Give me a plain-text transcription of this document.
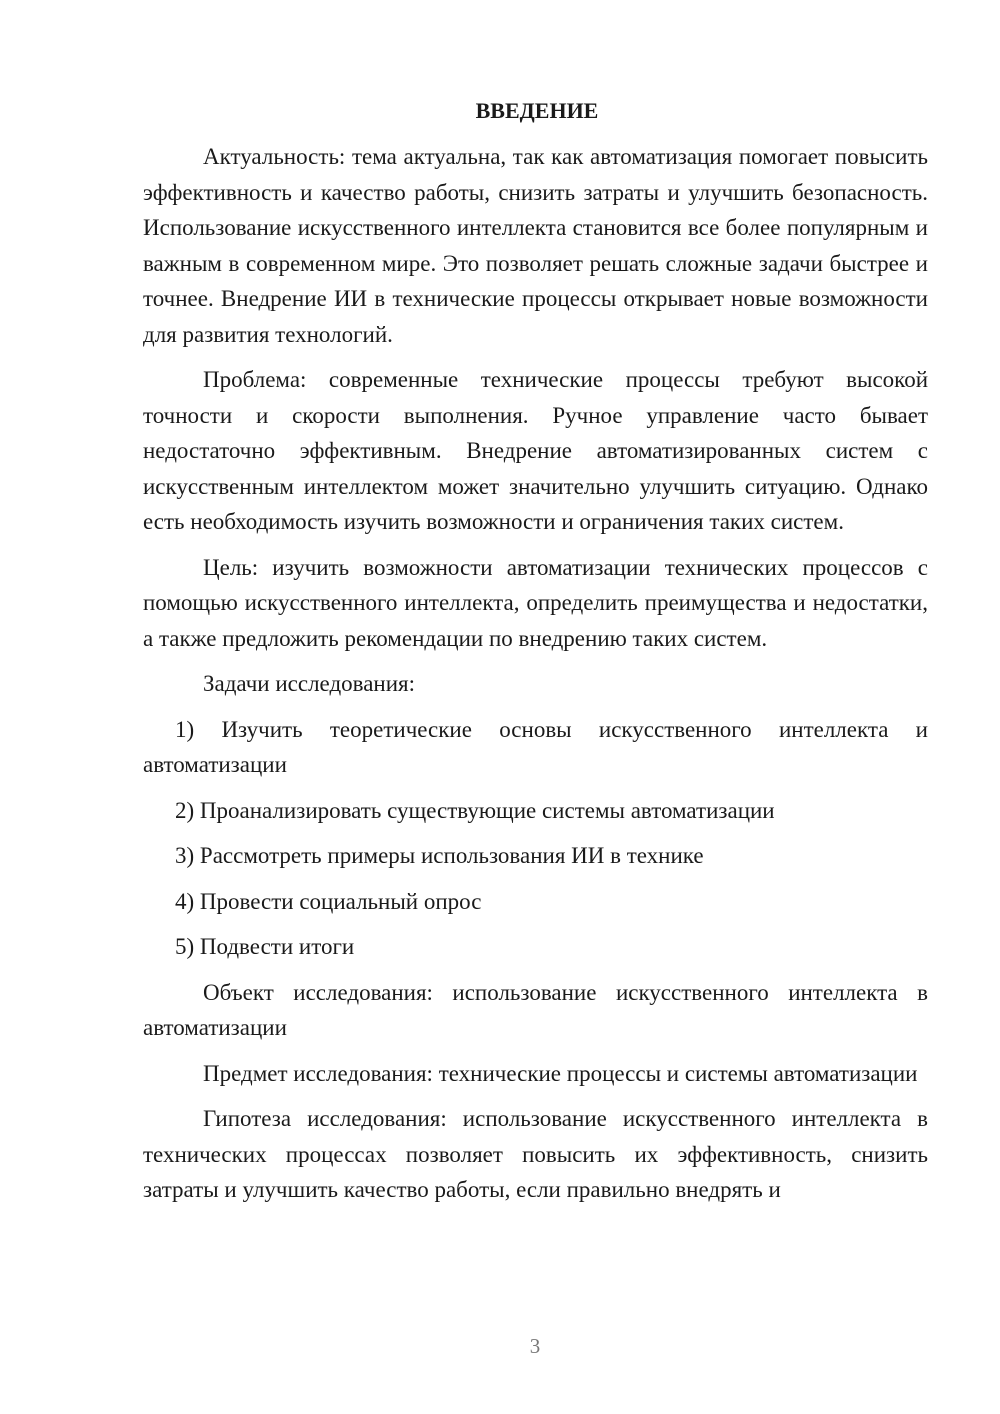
ВВЕДЕНИЕ

Актуальность: тема актуальна, так как автоматизация помогает повысить эффективность и качество работы, снизить затраты и улучшить безопасность. Использование искусственного интеллекта становится все более популярным и важным в современном мире. Это позволяет решать сложные задачи быстрее и точнее. Внедрение ИИ в технические процессы открывает новые возможности для развития технологий.

Проблема: современные технические процессы требуют высокой точности и скорости выполнения. Ручное управление часто бывает недостаточно эффективным. Внедрение автоматизированных систем с искусственным интеллектом может значительно улучшить ситуацию. Однако есть необходимость изучить возможности и ограничения таких систем.

Цель: изучить возможности автоматизации технических процессов с помощью искусственного интеллекта, определить преимущества и недостатки, а также предложить рекомендации по внедрению таких систем.

Задачи исследования:

1) Изучить теоретические основы искусственного интеллекта и автоматизации

2) Проанализировать существующие системы автоматизации

3) Рассмотреть примеры использования ИИ в технике

4) Провести социальный опрос

5) Подвести итоги

Объект исследования: использование искусственного интеллекта в автоматизации

Предмет исследования: технические процессы и системы автоматизации

Гипотеза исследования: использование искусственного интеллекта в технических процессах позволяет повысить их эффективность, снизить затраты и улучшить качество работы, если правильно внедрять и

3
